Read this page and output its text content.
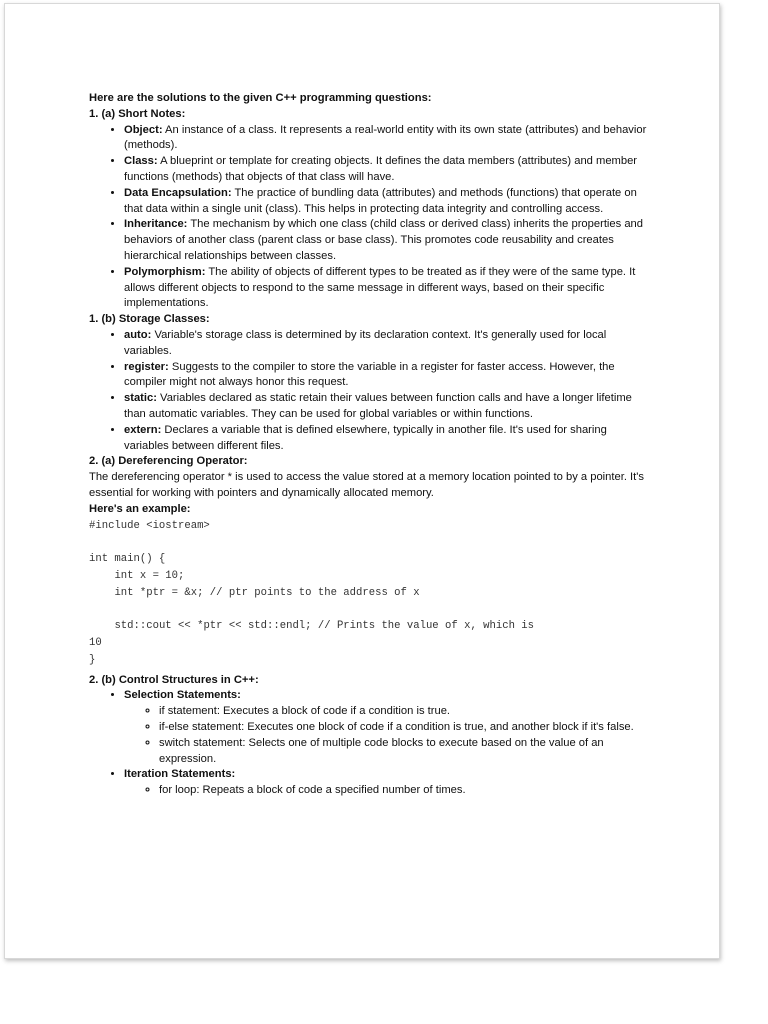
Here are the solutions to the given C++ programming questions:

1. (a) Short Notes:

• Object: An instance of a class. It represents a real-world entity with its own state (attributes) and behavior (methods).
• Class: A blueprint or template for creating objects. It defines the data members (attributes) and member functions (methods) that objects of that class will have.
• Data Encapsulation: The practice of bundling data (attributes) and methods (functions) that operate on that data within a single unit (class). This helps in protecting data integrity and controlling access.
• Inheritance: The mechanism by which one class (child class or derived class) inherits the properties and behaviors of another class (parent class or base class). This promotes code reusability and creates hierarchical relationships between classes.
• Polymorphism: The ability of objects of different types to be treated as if they were of the same type. It allows different objects to respond to the same message in different ways, based on their specific implementations.

1. (b) Storage Classes:

• auto: Variable's storage class is determined by its declaration context. It's generally used for local variables.
• register: Suggests to the compiler to store the variable in a register for faster access. However, the compiler might not always honor this request.
• static: Variables declared as static retain their values between function calls and have a longer lifetime than automatic variables. They can be used for global variables or within functions.
• extern: Declares a variable that is defined elsewhere, typically in another file. It's used for sharing variables between different files.

2. (a) Dereferencing Operator:

The dereferencing operator * is used to access the value stored at a memory location pointed to by a pointer. It's essential for working with pointers and dynamically allocated memory.

Here's an example:

#include <iostream>

int main() {
int x = 10;
int *ptr = &x; // ptr points to the address of x

std::cout << *ptr << std::endl; // Prints the value of x, which is
10
}

2. (b) Control Structures in C++:

• Selection Statements:
◦ if statement: Executes a block of code if a condition is true.
◦ if-else statement: Executes one block of code if a condition is true, and another block if it's false.
◦ switch statement: Selects one of multiple code blocks to execute based on the value of an expression.
• Iteration Statements:
◦ for loop: Repeats a block of code a specified number of times.
